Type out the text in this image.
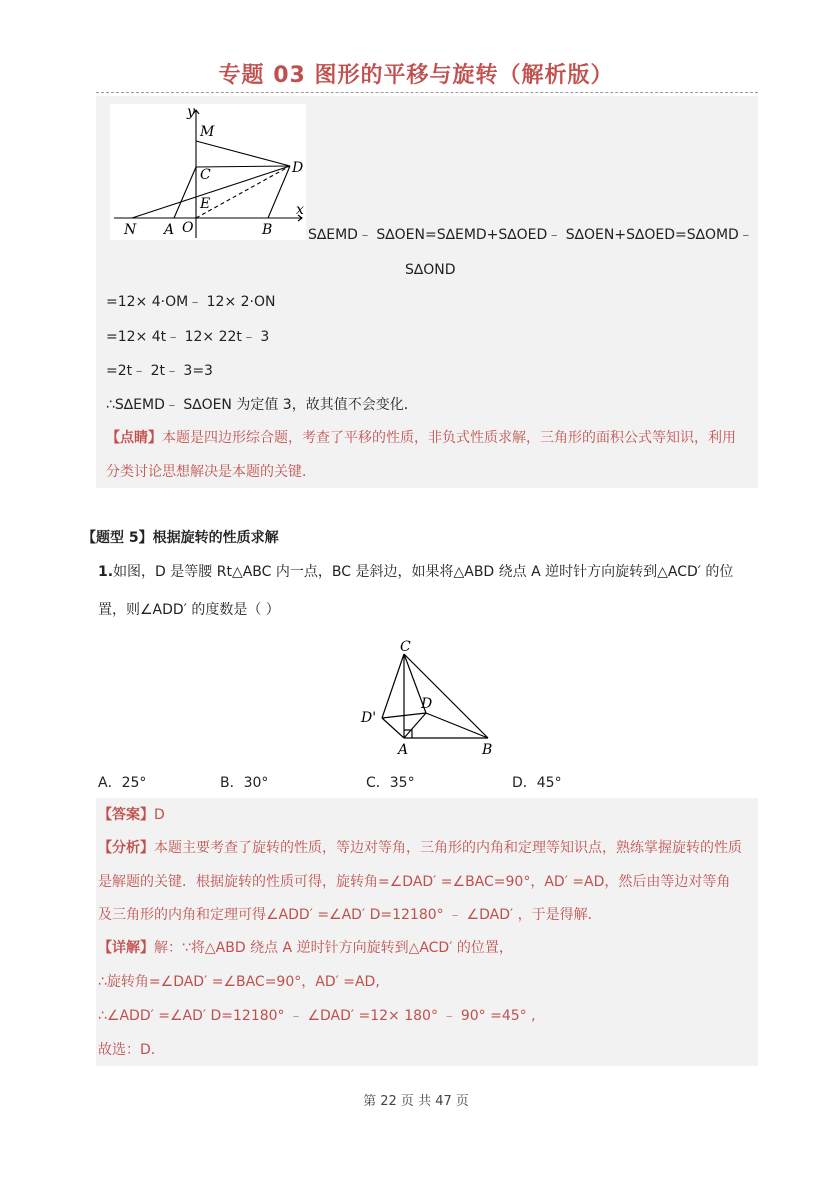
专题 03 图形的平移与旋转（解析版）
y
x
M
C	D
E
N A O	B	S∆EMD﹣ S∆OEN=S∆EMD+S∆OED﹣ S∆OEN+S∆OED=S∆OMD﹣
S∆OND
=12× 4·OM﹣ 12× 2·ON
=12× 4t﹣ 12× 22t﹣ 3
=2t﹣ 2t﹣ 3=3
∴S∆EMD﹣ S∆OEN 为定值 3，故其值不会变化．
【点睛】本题是四边形综合题，考查了平移的性质，非负式性质求解，三角形的面积公式等知识，利用
分类讨论思想解决是本题的关键．
【题型 5】根据旋转的性质求解
1.如图，D 是等腰 Rt△ABC 内一点，BC 是斜边，如果将△ABD 绕点 A 逆时针方向旋转到△ACD′ 的位
置，则∠ADD′ 的度数是（ ）
C
D'
D
A	B
A．25°	B．30°	C．35°	D．45°
【答案】D
【分析】本题主要考查了旋转的性质，等边对等角，三角形的内角和定理等知识点，熟练掌握旋转的性质
是解题的关键．根据旋转的性质可得，旋转角=∠DAD′ =∠BAC=90°，AD′ =AD，然后由等边对等角
及三角形的内角和定理可得∠ADD′ =∠AD′ D=12180° ﹣ ∠DAD′ ，于是得解．
【详解】解：∵将△ABD 绕点 A 逆时针方向旋转到△ACD′ 的位置，
∴旋转角=∠DAD′ =∠BAC=90°，AD′ =AD,
∴∠ADD′ =∠AD′ D=12180° ﹣ ∠DAD′ =12× 180° ﹣ 90° =45° ,
故选：D.
第 22 页 共 47 页
